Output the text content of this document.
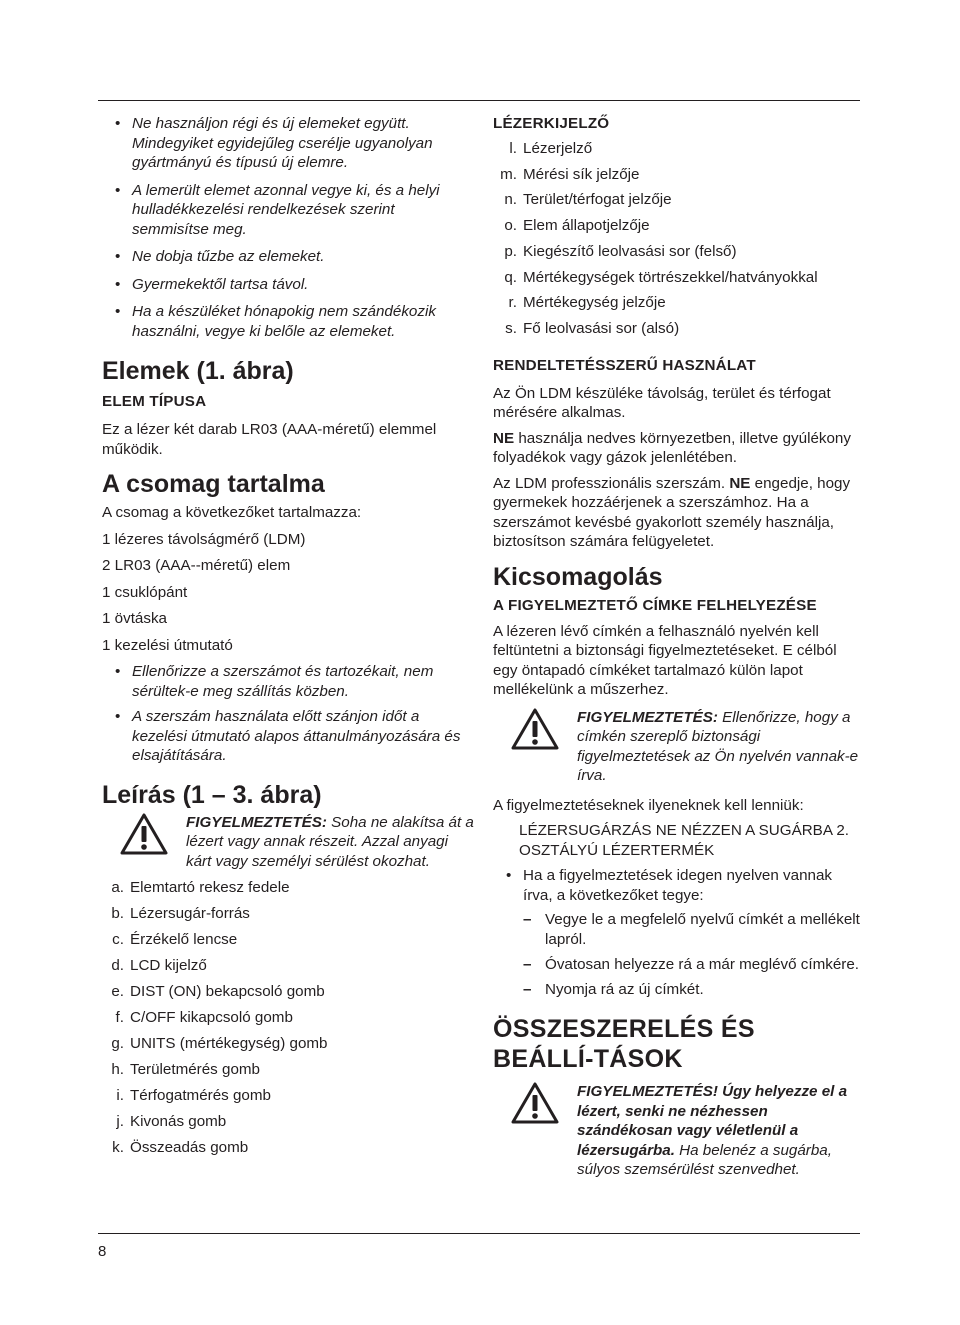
• Ne használjon régi és új elemeket együtt. Mindegyiket egyidejűleg cserélje ugyanolyan gyártmányú és típusú új elemre.
• A lemerült elemet azonnal vegye ki, és a helyi hulladékkezelési rendelkezések szerint semmisítse meg.
• Ne dobja tűzbe az elemeket.
• Gyermekektől tartsa távol.
• Ha a készüléket hónapokig nem szándékozik használni, vegye ki belőle az elemeket.
Elemek (1. ábra)
ELEM TÍPUSA

Ez a lézer két darab LR03 (AAA-méretű) elemmel működik.

A csomag tartalma

A csomag a következőket tartalmazza:

1 lézeres távolságmérő (LDM)

2 LR03 (AAA--méretű) elem

1 csuklópánt

1 övtáska

1 kezelési útmutató

• Ellenőrizze a szerszámot és tartozékait, nem sérültek-e meg szállítás közben.
• A szerszám használata előtt szánjon időt a kezelési útmutató alapos áttanulmányozására és elsajátítására.
Leírás (1 – 3. ábra)
FIGYELMEZTETÉS: Soha ne alakítsa át a lézert vagy annak részeit. Azzal anyagi kárt vagy személyi sérülést okozhat.
a. Elemtartó rekesz fedele
b. Lézersugár-forrás
c. Érzékelő lencse
d. LCD kijelző
e. DIST (ON) bekapcsoló gomb
f. C/OFF kikapcsoló gomb
g. UNITS (mértékegység) gomb
h. Területmérés gomb
i. Térfogatmérés gomb
j. Kivonás gomb
k. Összeadás gomb
LÉZERKIJELZŐ
l. Lézerjelző
m. Mérési sík jelzője
n. Terület/térfogat jelzője
o. Elem állapotjelzője
p. Kiegészítő leolvasási sor (felső)
q. Mértékegységek törtrészekkel/hatványokkal
r. Mértékegység jelzője
s. Fő leolvasási sor (alsó)
RENDELTETÉSSZERŰ HASZNÁLAT

Az Ön LDM készüléke távolság, terület és térfogat mérésére alkalmas.

NE használja nedves környezetben, illetve gyúlékony folyadékok vagy gázok jelenlétében.

Az LDM professzionális szerszám. NE engedje, hogy gyermekek hozzáérjenek a szerszámhoz. Ha a szerszámot kevésbé gyakorlott személy használja, biztosítson számára felügyeletet.

Kicsomagolás
A FIGYELMEZTETŐ CÍMKE FELHELYEZÉSE

A lézeren lévő címkén a felhasználó nyelvén kell feltüntetni a biztonsági figyelmeztetéseket. E célból egy öntapadó címkéket tartalmazó külön lapot mellékelünk a műszerhez.

FIGYELMEZTETÉS: Ellenőrizze, hogy a címkén szereplő biztonsági figyelmeztetések az Ön nyelvén vannak-e írva.

A figyelmeztetéseknek ilyeneknek kell lenniük:

LÉZERSUGÁRZÁS NE NÉZZEN A SUGÁRBA 2. OSZTÁLYÚ LÉZERTERMÉK

• Ha a figyelmeztetések idegen nyelven vannak írva, a következőket tegye:
– Vegye le a megfelelő nyelvű címkét a mellékelt lapról.
– Óvatosan helyezze rá a már meglévő címkére.
– Nyomja rá az új címkét.
ÖSSZESZERELÉS ÉS BEÁLLÍ-TÁSOK
FIGYELMEZTETÉS! Úgy helyezze el a lézert, senki ne nézhessen szándékosan vagy véletlenül a lézersugárba. Ha belenéz a sugárba, súlyos szemsérülést szenvedhet.
8
